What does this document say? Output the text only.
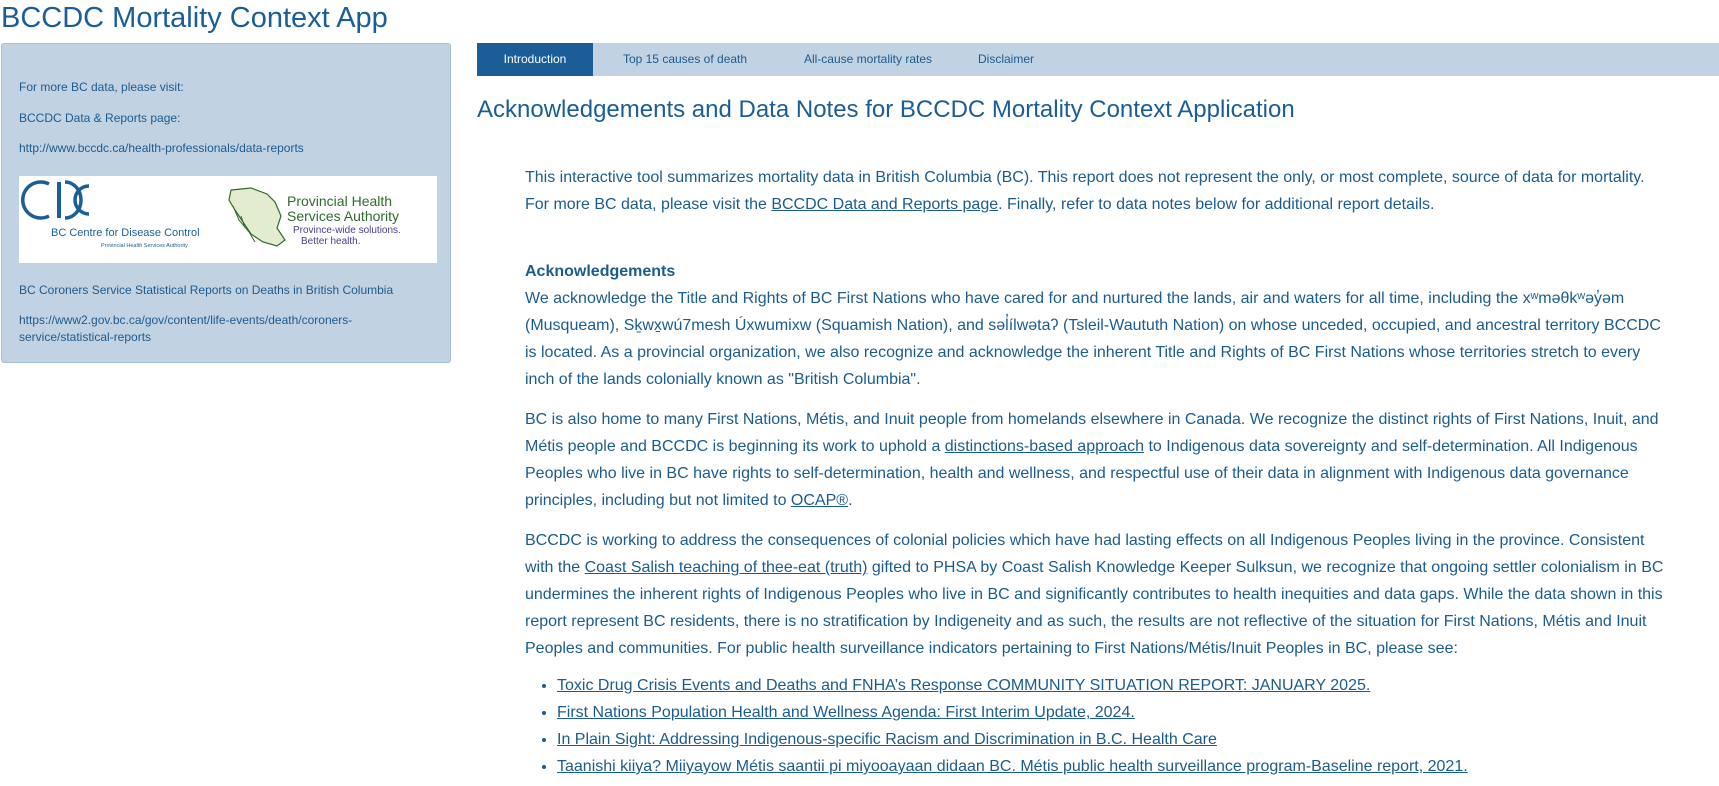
BCCDC Mortality Context App
For more BC data, please visit:
BCCDC Data & Reports page:
http://www.bccdc.ca/health-professionals/data-reports
BC Centre for Disease Control
Provincial Health Services Authority
Provincial Health
Services Authority
Province-wide solutions.
Better health.
BC Coroners Service Statistical Reports on Deaths in British Columbia
https://www2.gov.bc.ca/gov/content/life-events/death/coroners-service/statistical-reports
Introduction	Top 15 causes of death	All-cause mortality rates	Disclaimer
Acknowledgements and Data Notes for BCCDC Mortality Context Application

This interactive tool summarizes mortality data in British Columbia (BC). This report does not represent the only, or most complete, source of data for mortality. For more BC data, please visit the BCCDC Data and Reports page. Finally, refer to data notes below for additional report details.

Acknowledgements

We acknowledge the Title and Rights of BC First Nations who have cared for and nurtured the lands, air and waters for all time, including the xʷməθkʷəy̓əm (Musqueam), Sḵwx̱wú7mesh Úxwumixw (Squamish Nation), and səl̓ílwətaʔ (Tsleil-Waututh Nation) on whose unceded, occupied, and ancestral territory BCCDC is located. As a provincial organization, we also recognize and acknowledge the inherent Title and Rights of BC First Nations whose territories stretch to every inch of the lands colonially known as "British Columbia".

BC is also home to many First Nations, Métis, and Inuit people from homelands elsewhere in Canada. We recognize the distinct rights of First Nations, Inuit, and Métis people and BCCDC is beginning its work to uphold a distinctions-based approach to Indigenous data sovereignty and self-determination. All Indigenous Peoples who live in BC have rights to self-determination, health and wellness, and respectful use of their data in alignment with Indigenous data governance principles, including but not limited to OCAP®.

BCCDC is working to address the consequences of colonial policies which have had lasting effects on all Indigenous Peoples living in the province. Consistent with the Coast Salish teaching of thee-eat (truth) gifted to PHSA by Coast Salish Knowledge Keeper Sulksun, we recognize that ongoing settler colonialism in BC undermines the inherent rights of Indigenous Peoples who live in BC and significantly contributes to health inequities and data gaps. While the data shown in this report represent BC residents, there is no stratification by Indigeneity and as such, the results are not reflective of the situation for First Nations, Métis and Inuit Peoples and communities. For public health surveillance indicators pertaining to First Nations/Métis/Inuit Peoples in BC, please see:

• Toxic Drug Crisis Events and Deaths and FNHA’s Response COMMUNITY SITUATION REPORT: JANUARY 2025.
• First Nations Population Health and Wellness Agenda: First Interim Update, 2024.
• In Plain Sight: Addressing Indigenous-specific Racism and Discrimination in B.C. Health Care
• Taanishi kiiya? Miiyayow Métis saantii pi miyooayaan didaan BC. Métis public health surveillance program-Baseline report, 2021.
